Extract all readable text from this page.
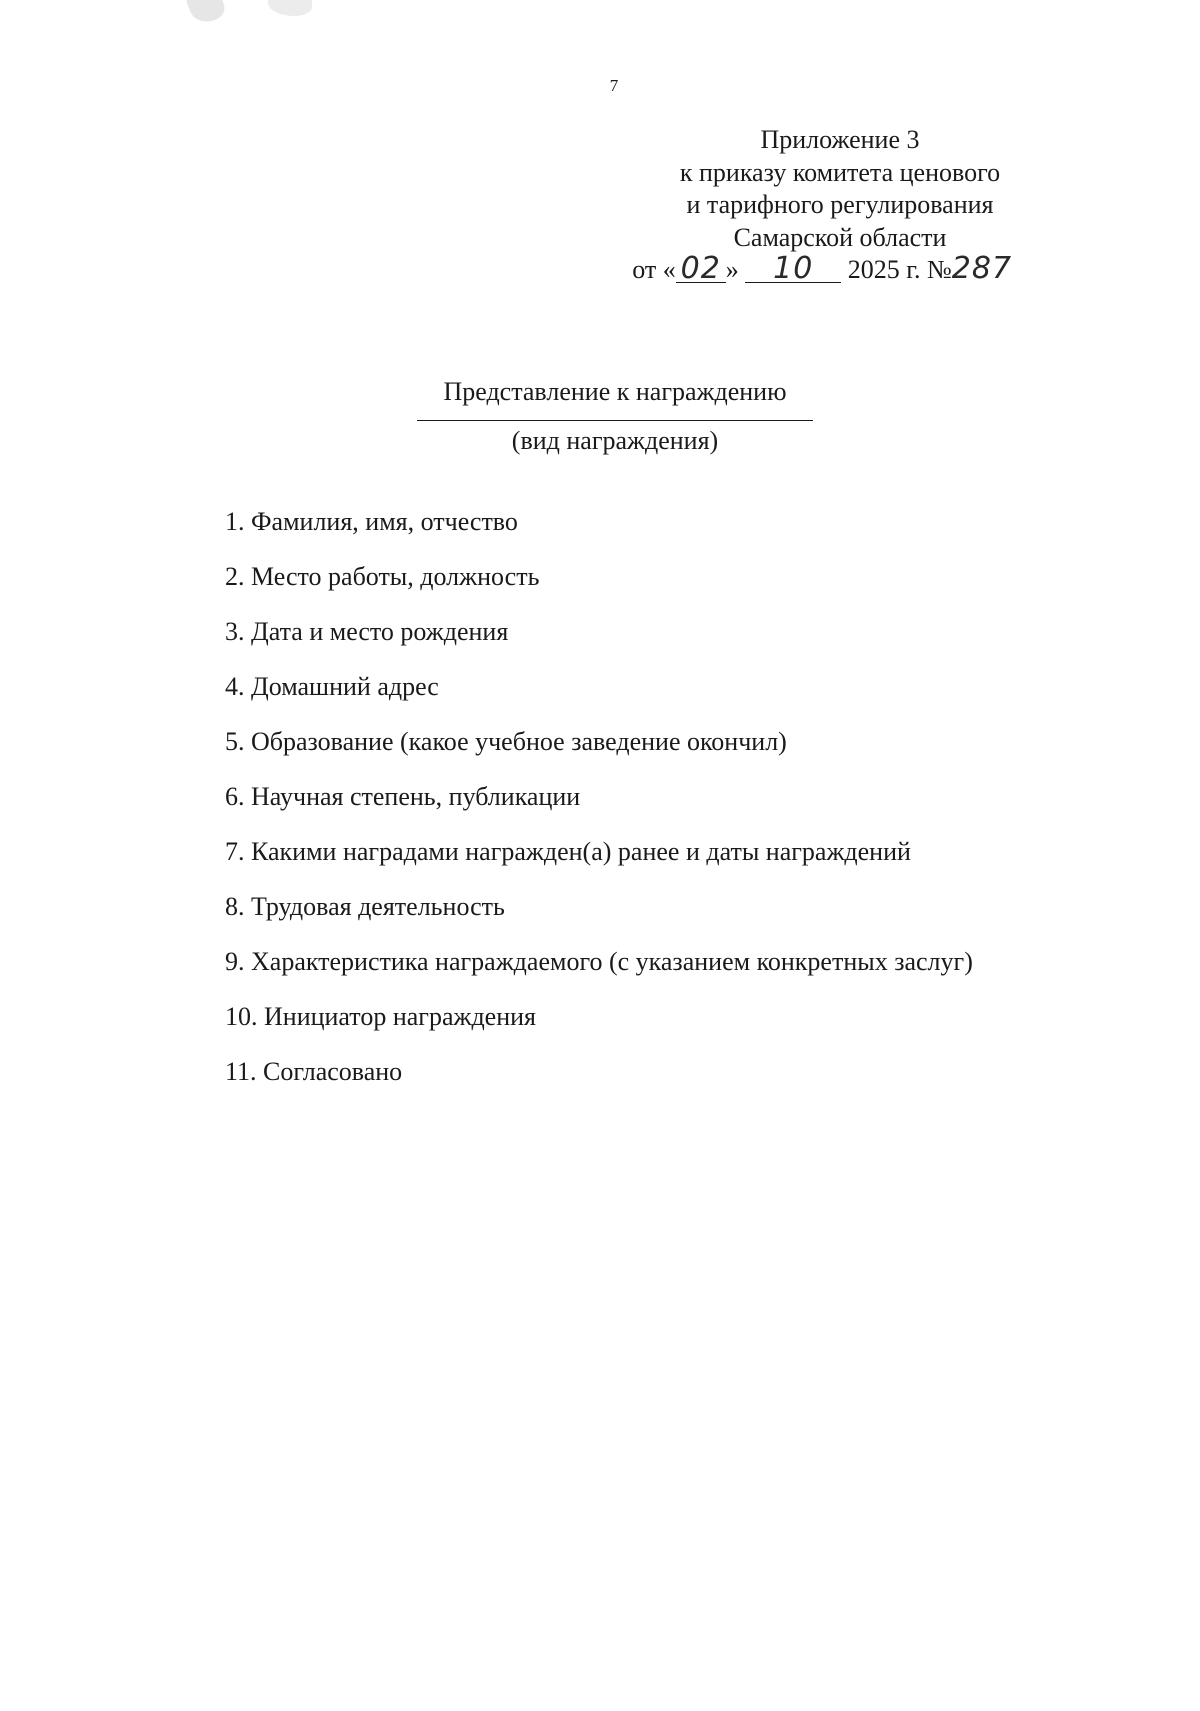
7
Приложение 3
к приказу комитета ценового
и тарифного регулирования
Самарской области
от « 02 » 10 2025 г. №287
Представление к награждению
(вид награждения)
1. Фамилия, имя, отчество
2. Место работы, должность
3. Дата и место рождения
4. Домашний адрес
5. Образование (какое учебное заведение окончил)
6. Научная степень, публикации
7. Какими наградами награжден(а) ранее и даты награждений
8. Трудовая деятельность
9. Характеристика награждаемого (с указанием конкретных заслуг)
10. Инициатор награждения
11. Согласовано
